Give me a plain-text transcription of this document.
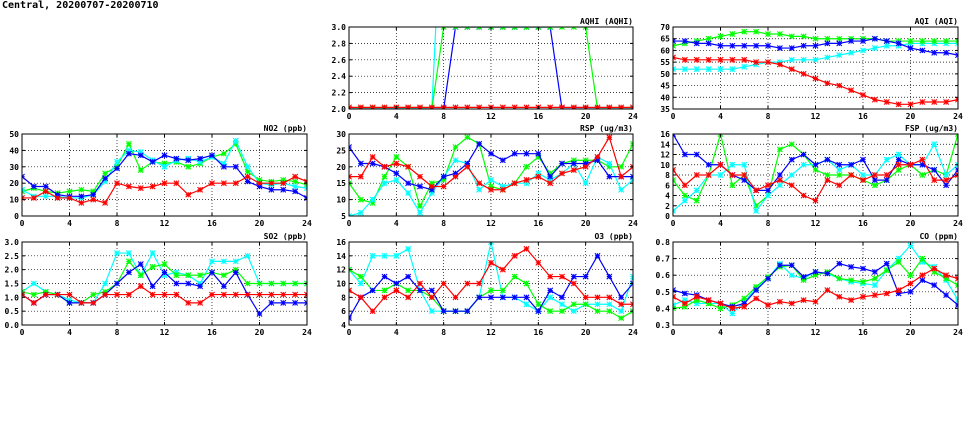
Central, 20200707-20200710
0	4	8	12	16	20	24
2.0
2.2
2.4
2.6
2.8
3.0
AQHI (AQHI)
0	4	8	12	16	20	24
35
40
45
50
55
60
65
70
AQI (AQI)
0	4	8	12	16	20	24
0
10
20
30
40
50
NO2 (ppb)
0	4	8	12	16	20	24
5
10
15
20
25
30
RSP (ug/m3)
0	4	8	12	16	20	24
0
2
4
6
8
10
12
14
16
FSP (ug/m3)
0	4	8	12	16	20	24
0.0
0.5
1.0
1.5
2.0
2.5
3.0
SO2 (ppb)
0	4	8	12	16	20	24
4
6
8
10
12
14
16
O3 (ppb)
0	4	8	12	16	20	24
0.3
0.4
0.5
0.6
0.7
0.8
CO (ppm)
